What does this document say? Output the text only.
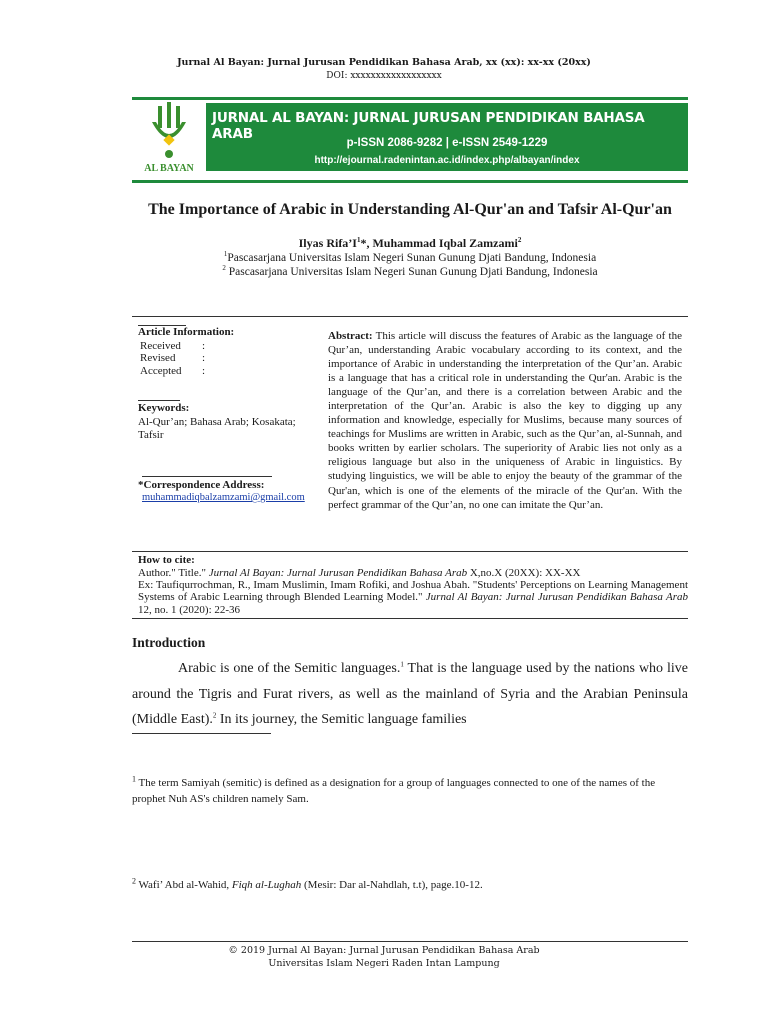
Jurnal Al Bayan: Jurnal Jurusan Pendidikan Bahasa Arab, xx (xx): xx-xx (20xx)
DOI: xxxxxxxxxxxxxxxxxx
AL BAYAN
JURNAL AL BAYAN: JURNAL JURUSAN PENDIDIKAN BAHASA ARAB
p-ISSN 2086-9282 | e-ISSN 2549-1229
http://ejournal.radenintan.ac.id/index.php/albayan/index
The Importance of Arabic in Understanding Al-Qur'an and Tafsir Al-Qur'an
Ilyas $Rifa’I^1*$, Muhammad Iqbal Zamzami$^2$
$^1$Pascasarjana Universitas Islam Negeri Sunan Gunung Djati Bandung, Indonesia
$^2$ Pascasarjana Universitas Islam Negeri Sunan Gunung Djati Bandung, Indonesia
Article Information:
Received :
Revised :
Accepted :
Keywords:
Al-Qur’an; Bahasa Arab; Kosakata; Tafsir
*Correspondence Address:
muhammadiqbalzamzami@gmail.com
Abstract: This article will discuss the features of Arabic as the language of the Qur’an, understanding Arabic vocabulary according to its context, and the importance of Arabic in understanding the interpretation of the Qur’an. Arabic is a language that has a critical role in understanding the Qur'an. Arabic is the language of the Qur’an, and there is a correlation between Arabic and the interpretation of the Qur’an. Arabic is also the key to digging up any information and knowledge, especially for Muslims, because many sources of teachings for Muslims are written in Arabic, such as the Qur’an, al-Sunnah, and books written by earlier scholars. The superiority of Arabic lies not only as a religious language but also in the uniqueness of Arabic in linguistics. By studying linguistics, we will be able to enjoy the beauty of the grammar of the Qur'an, which is one of the elements of the miracle of the Qur'an. With the perfect grammar of the Qur’an, no one can imitate the Qur’an.
How to cite:
Author." Title." Jurnal Al Bayan: Jurnal Jurusan Pendidikan Bahasa Arab X,no.X (20XX): XX-XX
Ex: Taufiqurrochman, R., Imam Muslimin, Imam Rofiki, and Joshua Abah. "Students' Perceptions on Learning Management Systems of Arabic Learning through Blended Learning Model." Jurnal Al Bayan: Jurnal Jurusan Pendidikan Bahasa Arab 12, no. 1 (2020): 22-36
Introduction
Arabic is one of the Semitic languages.$^1$ That is the language used by the nations who live around the Tigris and Furat rivers, as well as the mainland of Syria and the Arabian Peninsula (Middle East).$^2$ In its journey, the Semitic language families
$^1$ The term Samiyah (semitic) is defined as a designation for a group of languages connected to one of the names of the prophet Nuh AS's children namely Sam.
$^2$ Wafi’ Abd al-Wahid, Fiqh al-Lughah (Mesir: Dar al-Nahdlah, t.t), page.10-12.
© 2019 Jurnal Al Bayan: Jurnal Jurusan Pendidikan Bahasa Arab
Universitas Islam Negeri Raden Intan Lampung
